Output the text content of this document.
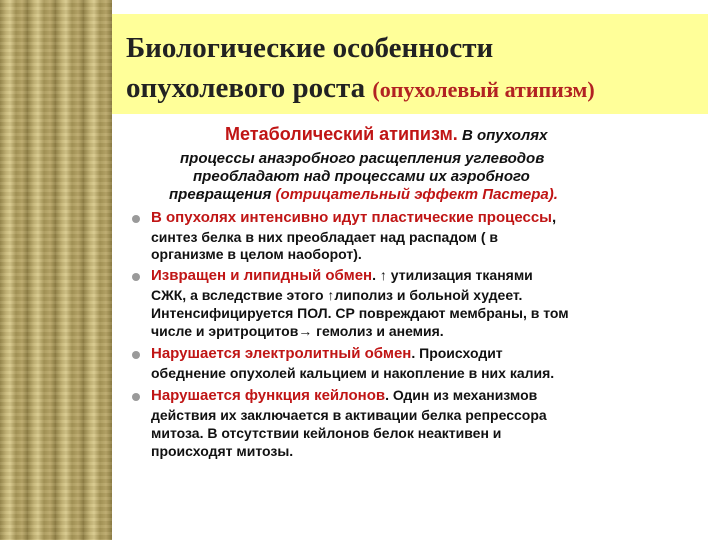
Биологические особенности
опухолевого роста (опухолевый атипизм)
Метаболический атипизм. В опухолях
процессы анаэробного расщепления углеводов
преобладают над процессами их аэробного
превращения (отрицательный эффект Пастера).
В опухолях интенсивно идут пластические процессы,
синтез белка в них преобладает над распадом ( в
организме в целом наоборот).
Извращен и липидный обмен. ↑ утилизация тканями
СЖК, а вследствие этого ↑липолиз и больной худеет.
Интенсифицируется ПОЛ. СР повреждают мембраны, в том
числе и эритроцитов→ гемолиз и анемия.
Нарушается электролитный обмен. Происходит
обеднение опухолей кальцием и накопление в них калия.
Нарушается функция кейлонов. Один из механизмов
действия их заключается в активации белка репрессора
митоза. В отсутствии кейлонов белок неактивен и
происходят митозы.
